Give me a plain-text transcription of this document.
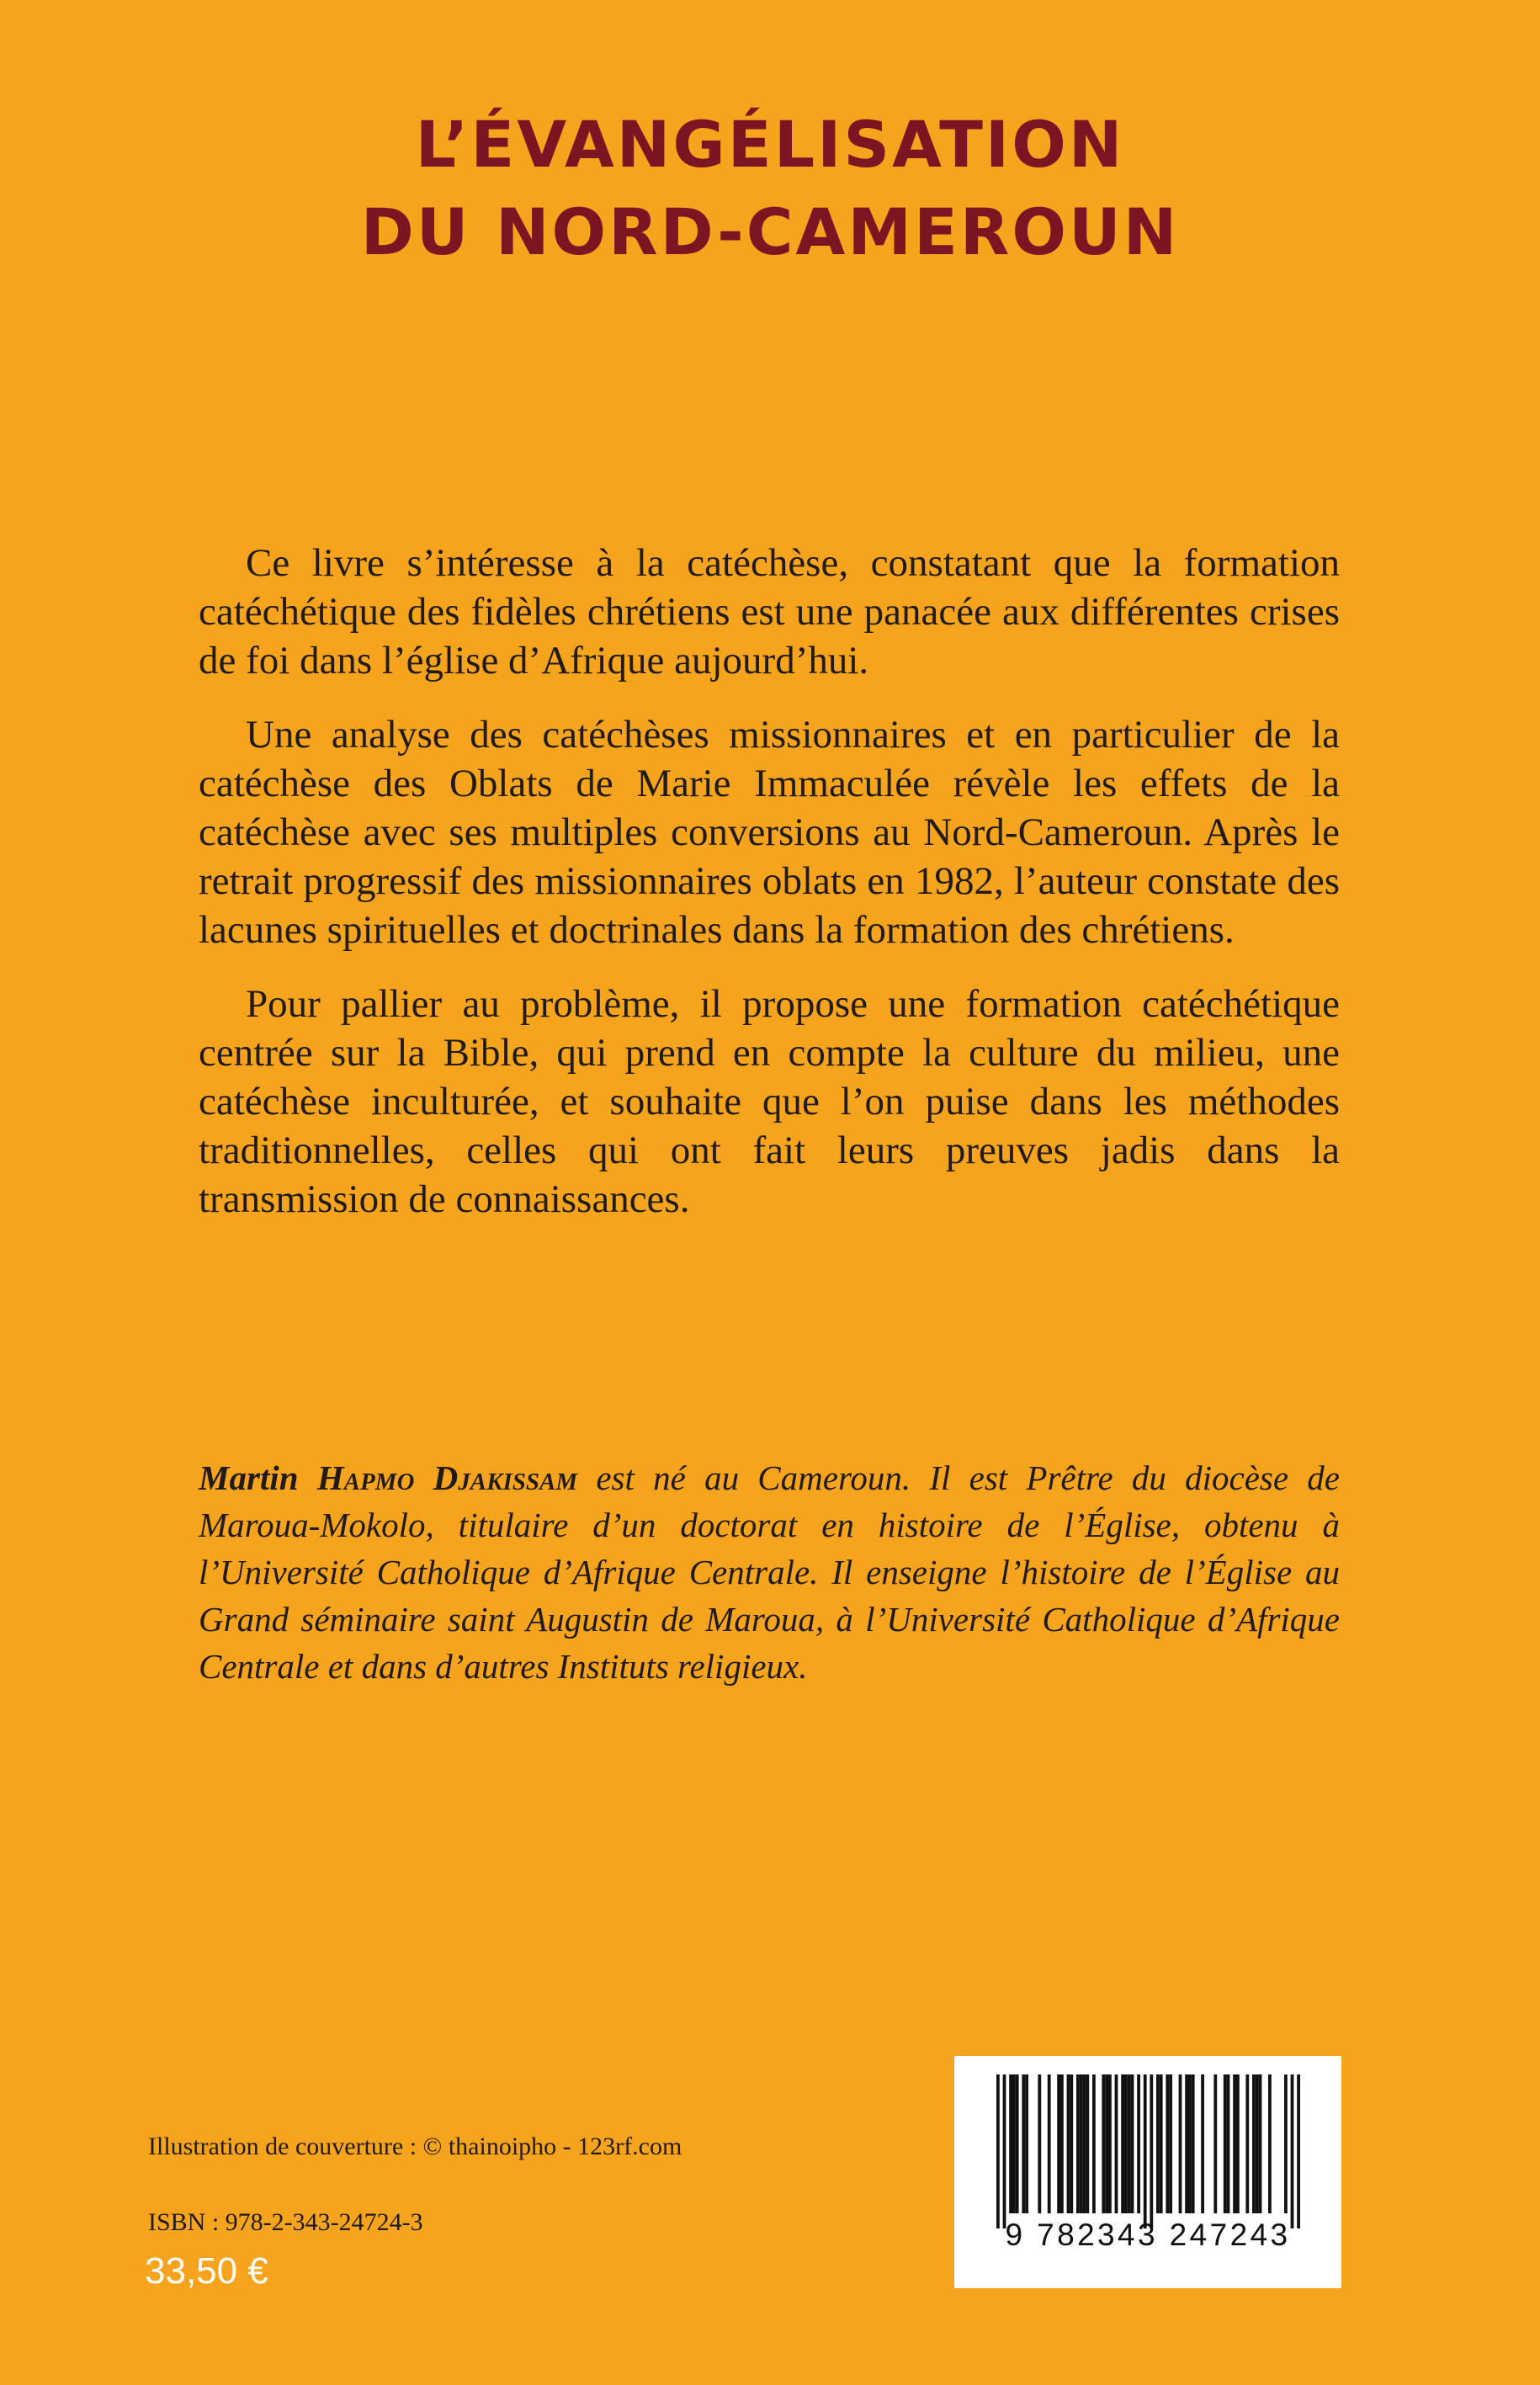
L’ÉVANGÉLISATION
DU NORD-CAMEROUN

Ce livre s’intéresse à la catéchèse, constatant que la formation catéchétique des fidèles chrétiens est une panacée aux différentes crises de foi dans l’église d’Afrique aujourd’hui.

Une analyse des catéchèses missionnaires et en particulier de la catéchèse des Oblats de Marie Immaculée révèle les effets de la catéchèse avec ses multiples conversions au Nord-Cameroun. Après le retrait progressif des missionnaires oblats en 1982, l’auteur constate des lacunes spirituelles et doctrinales dans la formation des chrétiens.

Pour pallier au problème, il propose une formation catéchétique centrée sur la Bible, qui prend en compte la culture du milieu, une catéchèse inculturée, et souhaite que l’on puise dans les méthodes traditionnelles, celles qui ont fait leurs preuves jadis dans la transmission de connaissances.

Martin Hapmo Djakissam est né au Cameroun. Il est Prêtre du diocèse de Maroua-Mokolo, titulaire d’un doctorat en histoire de l’Église, obtenu à l’Université Catholique d’Afrique Centrale. Il enseigne l’histoire de l’Église au Grand séminaire saint Augustin de Maroua, à l’Université Catholique d’Afrique Centrale et dans d’autres Instituts religieux.
Illustration de couverture : © thainoipho - 123rf.com
ISBN : 978-2-343-24724-3
33,50 €
9 782343 247243
